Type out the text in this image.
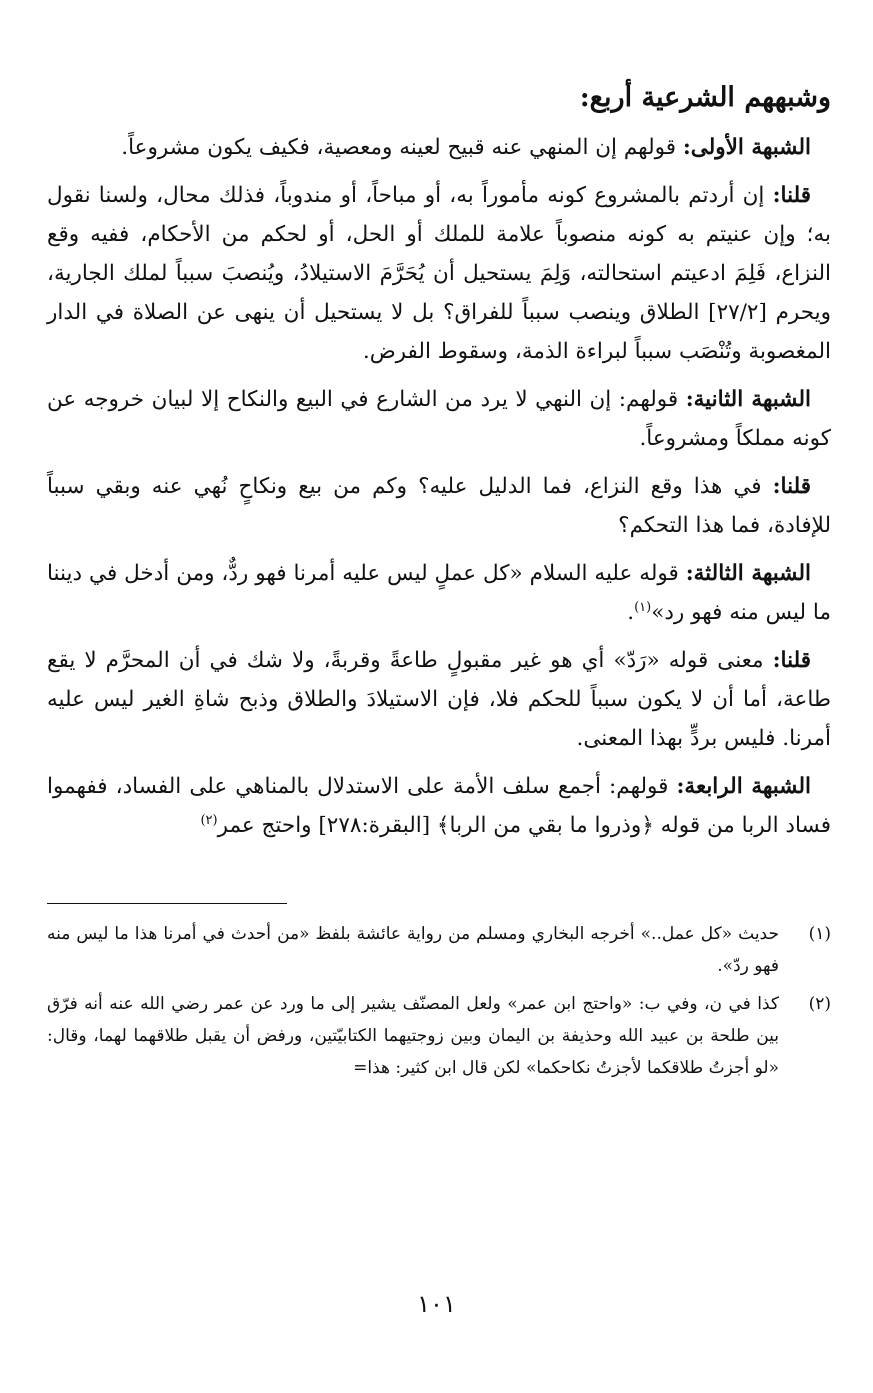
وشبههم الشرعية أربع:

الشبهة الأولى: قولهم إن المنهي عنه قبيح لعينه ومعصية، فكيف يكون مشروعاً.

قلنا: إن أردتم بالمشروع كونه مأموراً به، أو مباحاً، أو مندوباً، فذلك محال، ولسنا نقول به؛ وإن عنيتم به كونه منصوباً علامة للملك أو الحل، أو لحكم من الأحكام، ففيه وقع النزاع، فَلِمَ ادعيتم استحالته، وَلِمَ يستحيل أن يُحَرَّمَ الاستيلادُ، ويُنصبَ سبباً لملك الجارية، ويحرم [٢٧/٢] الطلاق وينصب سبباً للفراق؟ بل لا يستحيل أن ينهى عن الصلاة في الدار المغصوبة وتُنْصَب سبباً لبراءة الذمة، وسقوط الفرض.

الشبهة الثانية: قولهم: إن النهي لا يرد من الشارع في البيع والنكاح إلا لبيان خروجه عن كونه مملكاً ومشروعاً.

قلنا: في هذا وقع النزاع، فما الدليل عليه؟ وكم من بيع ونكاحٍ نُهي عنه وبقي سبباً للإفادة، فما هذا التحكم؟

الشبهة الثالثة: قوله عليه السلام «كل عملٍ ليس عليه أمرنا فهو ردٌّ، ومن أدخل في ديننا ما ليس منه فهو رد»$^{(١)}$.

قلنا: معنى قوله «رَدّ» أي هو غير مقبولٍ طاعةً وقربةً، ولا شك في أن المحرَّم لا يقع طاعة، أما أن لا يكون سبباً للحكم فلا، فإن الاستيلادَ والطلاق وذبح شاةِ الغير ليس عليه أمرنا. فليس بردٍّ بهذا المعنى.

الشبهة الرابعة: قولهم: أجمع سلف الأمة على الاستدلال بالمناهي على الفساد، ففهموا فساد الربا من قوله ﴿وذروا ما بقي من الربا﴾ [البقرة:٢٧٨] واحتج عمر$^{(٢)}$

(١)
حديث «كل عمل..» أخرجه البخاري ومسلم من رواية عائشة بلفظ «من أحدث في أمرنا هذا ما ليس منه فهو ردّ».
(٢)
كذا في ن، وفي ب: «واحتج ابن عمر» ولعل المصنّف يشير إلى ما ورد عن عمر رضي الله عنه أنه فرّق بين طلحة بن عبيد الله وحذيفة بن اليمان وبين زوجتيهما الكتابيّتين، ورفض أن يقبل طلاقهما لهما، وقال: «لو أجزتُ طلاقكما لأجزتُ نكاحكما» لكن قال ابن كثير: هذا=
١٠١
